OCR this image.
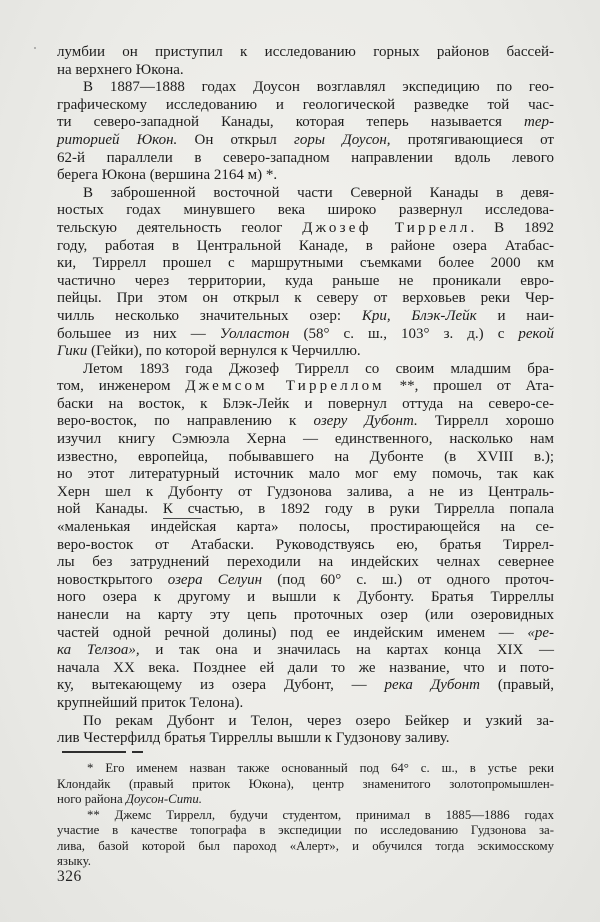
лумбии он приступил к исследованию горных районов бассей-
на верхнего Юкона.
В 1887—1888 годах Доусон возглавлял экспедицию по гео-
графическому исследованию и геологической разведке той час-
ти северо-западной Канады, которая теперь называется тер-
риторией Юкон. Он открыл горы Доусон, протягивающиеся от
62-й параллели в северо-западном направлении вдоль левого
берега Юкона (вершина 2164 м) *.
В заброшенной восточной части Северной Канады в девя-
ностых годах минувшего века широко развернул исследова-
тельскую деятельность геолог Джозеф Тиррелл. В 1892
году, работая в Центральной Канаде, в районе озера Атабас-
ки, Тиррелл прошел с маршрутными съемками более 2000 км
частично через территории, куда раньше не проникали евро-
пейцы. При этом он открыл к северу от верховьев реки Чер-
чилль несколько значительных озер: Кри, Блэк-Лейк и наи-
большее из них — Уолластон (58° с. ш., 103° з. д.) с рекой
Гики (Гейки), по которой вернулся к Черчиллю.
Летом 1893 года Джозеф Тиррелл со своим младшим бра-
том, инженером Джемсом Тирреллом **, прошел от Ата-
баски на восток, к Блэк-Лейк и повернул оттуда на северо-се-
веро-восток, по направлению к озеру Дубонт. Тиррелл хорошо
изучил книгу Сэмюэла Херна — единственного, насколько нам
известно, европейца, побывавшего на Дубонте (в XVIII в.);
но этот литературный источник мало мог ему помочь, так как
Херн шел к Дубонту от Гудзонова залива, а не из Централь-
ной Канады. К счастью, в 1892 году в руки Тиррелла попала
«маленькая индейская карта» полосы, простирающейся на се-
веро-восток от Атабаски. Руководствуясь ею, братья Тиррел-
лы без затруднений переходили на индейских челнах севернее
новосткрытого озера Селуин (под 60° с. ш.) от одного проточ-
ного озера к другому и вышли к Дубонту. Братья Тирреллы
нанесли на карту эту цепь проточных озер (или озеровидных
частей одной речной долины) под ее индейским именем — «ре-
ка Телзоа», и так она и значилась на картах конца XIX —
начала XX века. Позднее ей дали то же название, что и пото-
ку, вытекающему из озера Дубонт, — река Дубонт (правый,
крупнейший приток Телона).
По рекам Дубонт и Телон, через озеро Бейкер и узкий за-
лив Честерфилд братья Тирреллы вышли к Гудзонову заливу.
* Его именем назван также основанный под 64° с. ш., в устье реки
Клондайк (правый приток Юкона), центр знаменитого золотопромышлен-
ного района Доусон-Сити.
** Джемс Тиррелл, будучи студентом, принимал в 1885—1886 годах
участие в качестве топографа в экспедиции по исследованию Гудзонова за-
лива, базой которой был пароход «Алерт», и обучился тогда эскимосскому
языку.
326
